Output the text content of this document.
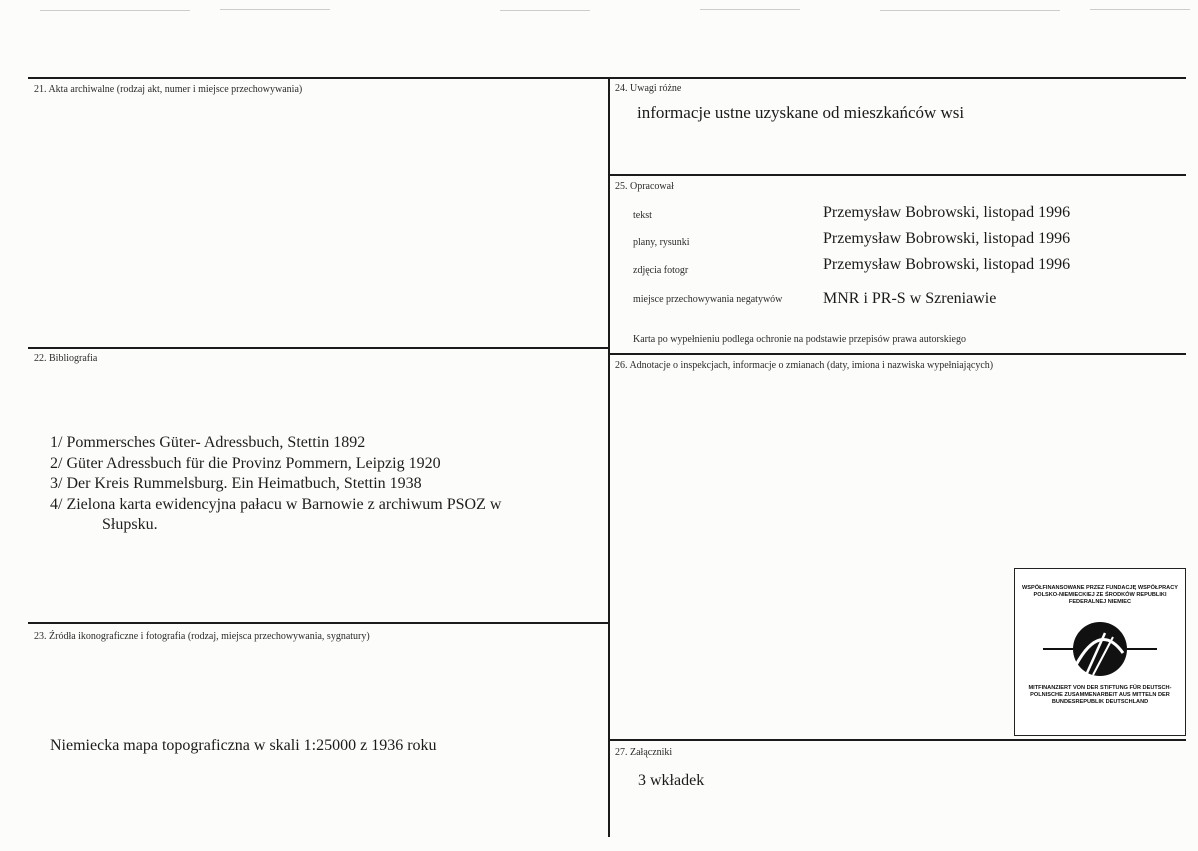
21. Akta archiwalne (rodzaj akt, numer i miejsce przechowywania)
22. Bibliografia
1/ Pommersches Güter- Adressbuch, Stettin 1892
2/ Güter Adressbuch für die Provinz Pommern, Leipzig 1920
3/ Der Kreis Rummelsburg. Ein Heimatbuch, Stettin 1938
4/ Zielona karta ewidencyjna pałacu w Barnowie z archiwum PSOZ w
Słupsku.
23. Źródła ikonograficzne i fotografia (rodzaj, miejsca przechowywania, sygnatury)
Niemiecka mapa topograficzna w skali 1:25000 z 1936 roku
24. Uwagi różne
informacje ustne uzyskane od mieszkańców wsi
25. Opracował
tekst	Przemysław Bobrowski, listopad 1996
plany, rysunki	Przemysław Bobrowski, listopad 1996
zdjęcia fotogr	Przemysław Bobrowski, listopad 1996
miejsce przechowywania negatywów	MNR i PR-S w Szreniawie
Karta po wypełnieniu podlega ochronie na podstawie przepisów prawa autorskiego
26. Adnotacje o inspekcjach, informacje o zmianach (daty, imiona i nazwiska wypełniających)
WSPÓŁFINANSOWANE PRZEZ FUNDACJĘ WSPÓŁPRACY POLSKO-NIEMIECKIEJ ZE ŚRODKÓW REPUBLIKI FEDERALNEJ NIEMIEC
MITFINANZIERT VON DER STIFTUNG FÜR DEUTSCH-POLNISCHE ZUSAMMENARBEIT AUS MITTELN DER BUNDESREPUBLIK DEUTSCHLAND
27. Załączniki
3 wkładek
